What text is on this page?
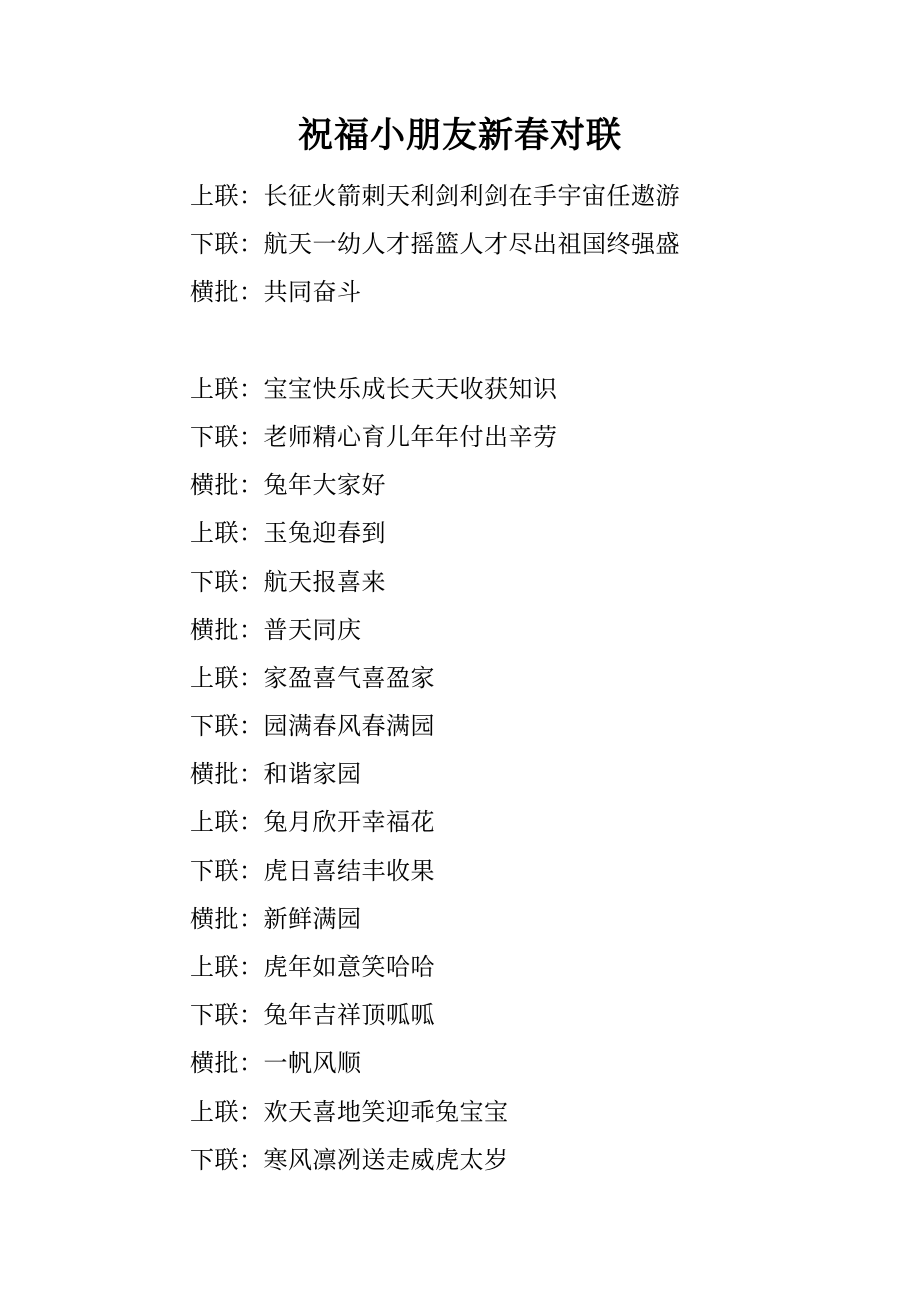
祝福小朋友新春对联
上联：长征火箭刺天利剑利剑在手宇宙任遨游
下联：航天一幼人才摇篮人才尽出祖国终强盛
横批：共同奋斗
上联：宝宝快乐成长天天收获知识
下联：老师精心育儿年年付出辛劳
横批：兔年大家好
上联：玉兔迎春到
下联：航天报喜来
横批：普天同庆
上联：家盈喜气喜盈家
下联：园满春风春满园
横批：和谐家园
上联：兔月欣开幸福花
下联：虎日喜结丰收果
横批：新鲜满园
上联：虎年如意笑哈哈
下联：兔年吉祥顶呱呱
横批：一帆风顺
上联：欢天喜地笑迎乖兔宝宝
下联：寒风凛冽送走威虎太岁
